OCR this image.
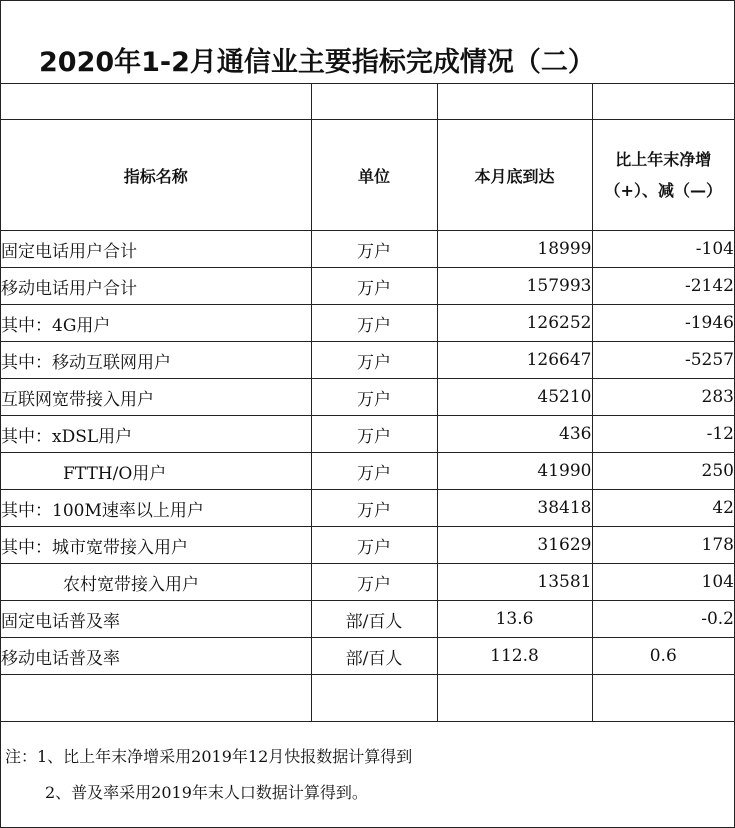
2020年1-2月通信业主要指标完成情况（二）

指标名称	单位	本月底到达	比上年末净增（+）、减（—）
固定电话用户合计	万户	18999	-104
移动电话用户合计	万户	157993	-2142
其中：4G用户	万户	126252	-1946
其中：移动互联网用户	万户	126647	-5257
互联网宽带接入用户	万户	45210	283
其中：xDSL用户	万户	436	-12
FTTH/O用户	万户	41990	250
其中：100M速率以上用户	万户	38418	42
其中：城市宽带接入用户	万户	31629	178
农村宽带接入用户	万户	13581	104
固定电话普及率	部/百人	13.6	-0.2
移动电话普及率	部/百人	112.8	0.6

注：1、比上年末净增采用2019年12月快报数据计算得到
2、普及率采用2019年末人口数据计算得到。
